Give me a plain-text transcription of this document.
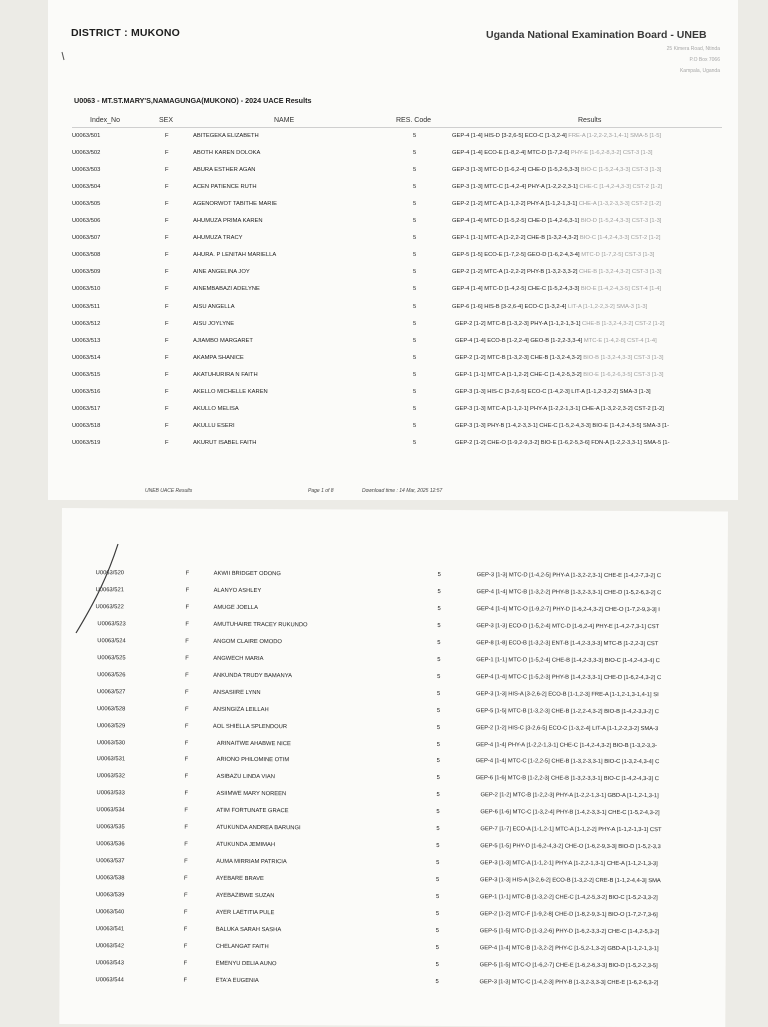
DISTRICT : MUKONO	Uganda National Examination Board - UNEB
25 Kimera Road, Ntinda
P.O Box 7066
Kampala, Uganda
U0063 - MT.ST.MARY'S,NAMAGUNGA(MUKONO) - 2024 UACE Results
Index_No	SEX	NAME	RES. Code	Results
U0063/501	F	ABITEGEKA ELIZABETH	5	GEP-4 [1-4] HIS-D [3-2,6-5] ECO-C [1-3,2-4] FRE-A [1-2,2-2,3-1,4-1] SMA-5 [1-5]
U0063/502	F	ABOTH KAREN DOLOKA	5	GEP-4 [1-4] ECO-E [1-8,2-4] MTC-D [1-7,2-6] PHY-E [1-6,2-8,3-2] CST-3 [1-3]
U0063/503	F	ABURA ESTHER AGAN	5	GEP-3 [1-3] MTC-D [1-6,2-4] CHE-D [1-5,2-5,3-3] BIO-C [1-5,2-4,3-3] CST-3 [1-3]
U0063/504	F	ACEN PATIENCE RUTH	5	GEP-3 [1-3] MTC-C [1-4,2-4] PHY-A [1-2,2-2,3-1] CHE-C [1-4,2-4,3-3] CST-2 [1-2]
U0063/505	F	AGENORWOT TABITHE MARIE	5	GEP-2 [1-2] MTC-A [1-1,2-2] PHY-A [1-1,2-1,3-1] CHE-A [1-3,2-3,3-3] CST-2 [1-2]
U0063/506	F	AHUMUZA PRIMA KAREN	5	GEP-4 [1-4] MTC-D [1-5,2-5] CHE-D [1-4,2-6,3-1] BIO-D [1-5,2-4,3-3] CST-3 [1-3]
U0063/507	F	AHUMUZA TRACY	5	GEP-1 [1-1] MTC-A [1-2,2-2] CHE-B [1-3,2-4,3-2] BIO-C [1-4,2-4,3-3] CST-2 [1-2]
U0063/508	F	AHURA. P LENITAH MARIELLA	5	GEP-5 [1-5] ECO-E [1-7,2-5] GEO-D [1-6,2-4,3-4] MTC-D [1-7,2-5] CST-3 [1-3]
U0063/509	F	AINE ANGELINA JOY	5	GEP-2 [1-2] MTC-A [1-2,2-2] PHY-B [1-3,2-3,3-2] CHE-B [1-3,2-4,3-2] CST-3 [1-3]
U0063/510	F	AINEMBABAZI ADELYNE	5	GEP-4 [1-4] MTC-D [1-4,2-5] CHE-C [1-5,2-4,3-3] BIO-E [1-4,2-4,3-5] CST-4 [1-4]
U0063/511	F	AISU ANGELLA	5	GEP-6 [1-6] HIS-B [3-2,6-4] ECO-C [1-3,2-4] LIT-A [1-1,2-2,3-2] SMA-3 [1-3]
U0063/512	F	AISU JOYLYNE	5	GEP-2 [1-2] MTC-B [1-3,2-3] PHY-A [1-1,2-1,3-1] CHE-B [1-3,2-4,3-2] CST-2 [1-2]
U0063/513	F	AJIAMBO MARGARET	5	GEP-4 [1-4] ECO-B [1-2,2-4] GEO-B [1-2,2-3,3-4] MTC-E [1-4,2-8] CST-4 [1-4]
U0063/514	F	AKAMPA SHANICE	5	GEP-2 [1-2] MTC-B [1-3,2-3] CHE-B [1-3,2-4,3-2] BIO-B [1-3,2-4,3-3] CST-3 [1-3]
U0063/515	F	AKATUHURIRA N FAITH	5	GEP-1 [1-1] MTC-A [1-1,2-2] CHE-C [1-4,2-5,3-2] BIO-E [1-6,2-6,3-5] CST-3 [1-3]
U0063/516	F	AKELLO MICHELLE KAREN	5	GEP-3 [1-3] HIS-C [3-2,6-5] ECO-C [1-4,2-3] LIT-A [1-1,2-3,2-2] SMA-3 [1-3]
U0063/517	F	AKULLO MELISA	5	GEP-3 [1-3] MTC-A [1-1,2-1] PHY-A [1-2,2-1,3-1] CHE-A [1-3,2-2,3-2] CST-2 [1-2]
U0063/518	F	AKULLU ESERI	5	GEP-3 [1-3] PHY-B [1-4,2-3,3-1] CHE-C [1-5,2-4,3-3] BIO-E [1-4,2-4,3-5] SMA-3 [1-
U0063/519	F	AKURUT ISABEL FAITH	5	GEP-2 [1-2] CHE-O [1-9,2-9,3-2] BIO-E [1-6,2-5,3-6] FDN-A [1-2,2-3,3-1] SMA-5 [1-
UNEB UACE Results	Page 1 of 8	Download time : 14 Mar, 2025 12:57
U0063/520	F	AKWII BRIDGET ODONG	5	GEP-3 [1-3] MTC-D [1-4,2-5] PHY-A [1-3,2-2,3-1] CHE-E [1-4,2-7,3-2] C
U0063/521	F	ALANYO ASHLEY	5	GEP-4 [1-4] MTC-B [1-3,2-2] PHY-B [1-3,2-3,3-1] CHE-D [1-5,2-6,3-2] C
U0063/522	F	AMUGE JOELLA	5	GEP-4 [1-4] MTC-O [1-9,2-7] PHY-D [1-6,2-4,3-2] CHE-O [1-7,2-9,3-3] I
U0063/523	F	AMUTUHAIRE TRACEY RUKUNDO	5	GEP-3 [1-3] ECO-D [1-5,2-4] MTC-D [1-6,2-4] PHY-E [1-4,2-7,3-1] CST
U0063/524	F	ANGOM CLAIRE OMODO	5	GEP-8 [1-8] ECO-B [1-3,2-3] ENT-B [1-4,2-3,3-3] MTC-B [1-2,2-3] CST
U0063/525	F	ANGWECH MARIA	5	GEP-1 [1-1] MTC-D [1-5,2-4] CHE-B [1-4,2-3,3-3] BIO-C [1-4,2-4,3-4] C
U0063/526	F	ANKUNDA TRUDY BAMANYA	5	GEP-4 [1-4] MTC-C [1-5,2-3] PHY-B [1-4,2-3,3-1] CHE-D [1-6,2-4,3-2] C
U0063/527	F	ANSASIIRE LYNN	5	GEP-3 [1-3] HIS-A [3-2,6-2] ECO-B [1-1,2-3] FRE-A [1-1,2-1,3-1,4-1] SI
U0063/528	F	ANSINGIZA LEILLAH	5	GEP-5 [1-5] MTC-B [1-3,2-3] CHE-B [1-2,2-4,3-2] BIO-B [1-4,2-3,3-2] C
U0063/529	F	AOL SHIELLA SPLENDOUR	5	GEP-2 [1-2] HIS-C [3-2,6-5] ECO-C [1-3,2-4] LIT-A [1-1,2-2,3-2] SMA-3
U0063/530	F	ARINAITWE AHABWE NICE	5	GEP-4 [1-4] PHY-A [1-2,2-1,3-1] CHE-C [1-4,2-4,3-2] BIO-B [1-3,2-3,3-
U0063/531	F	ARIONO PHILOMINE OTIM	5	GEP-4 [1-4] MTC-C [1-2,2-5] CHE-B [1-3,2-3,3-1] BIO-C [1-3,2-4,3-4] C
U0063/532	F	ASIBAZU LINDA VIAN	5	GEP-6 [1-6] MTC-B [1-2,2-3] CHE-B [1-3,2-3,3-1] BIO-C [1-4,2-4,3-3] C
U0063/533	F	ASIIMWE MARY NOREEN	5	GEP-2 [1-2] MTC-B [1-2,2-3] PHY-A [1-2,2-1,3-1] GBD-A [1-1,2-1,3-1]
U0063/534	F	ATIM FORTUNATE GRACE	5	GEP-6 [1-6] MTC-C [1-3,2-4] PHY-B [1-4,2-3,3-1] CHE-C [1-5,2-4,3-2]
U0063/535	F	ATUKUNDA ANDREA BARUNGI	5	GEP-7 [1-7] ECO-A [1-1,2-1] MTC-A [1-1,2-2] PHY-A [1-1,2-1,3-1] CST
U0063/536	F	ATUKUNDA JEMIMAH	5	GEP-5 [1-5] PHY-D [1-6,2-4,3-2] CHE-O [1-6,2-9,3-3] BIO-D [1-5,2-3,3
U0063/537	F	AUMA MIRRIAM PATRICIA	5	GEP-3 [1-3] MTC-A [1-1,2-1] PHY-A [1-2,2-1,3-1] CHE-A [1-1,2-1,3-3]
U0063/538	F	AYEBARE BRAVE	5	GEP-3 [1-3] HIS-A [3-2,6-2] ECO-B [1-3,2-2] CRE-B [1-1,2-4,4-3] SMA
U0063/539	F	AYEBAZIBWE SUZAN	5	GEP-1 [1-1] MTC-B [1-3,2-2] CHE-C [1-4,2-5,3-2] BIO-C [1-5,2-3,3-2]
U0063/540	F	AYER LAETITIA PULE	5	GEP-2 [1-2] MTC-F [1-9,2-8] CHE-D [1-8,2-9,3-1] BIO-O [1-7,2-7,3-6]
U0063/541	F	BALUKA SARAH SASHA	5	GEP-5 [1-5] MTC-D [1-3,2-6] PHY-D [1-6,2-3,3-2] CHE-C [1-4,2-5,3-2]
U0063/542	F	CHELANGAT FAITH	5	GEP-4 [1-4] MTC-B [1-3,2-2] PHY-C [1-5,2-1,3-2] GBD-A [1-1,2-1,3-1]
U0063/543	F	EMENYU DELIA AUNO	5	GEP-5 [1-5] MTC-O [1-6,2-7] CHE-E [1-6,2-6,3-3] BIO-D [1-5,2-2,3-5]
U0063/544	F	ETA'A EUGENIA	5	GEP-3 [1-3] MTC-C [1-4,2-3] PHY-B [1-3,2-3,3-3] CHE-E [1-6,2-6,3-2]
